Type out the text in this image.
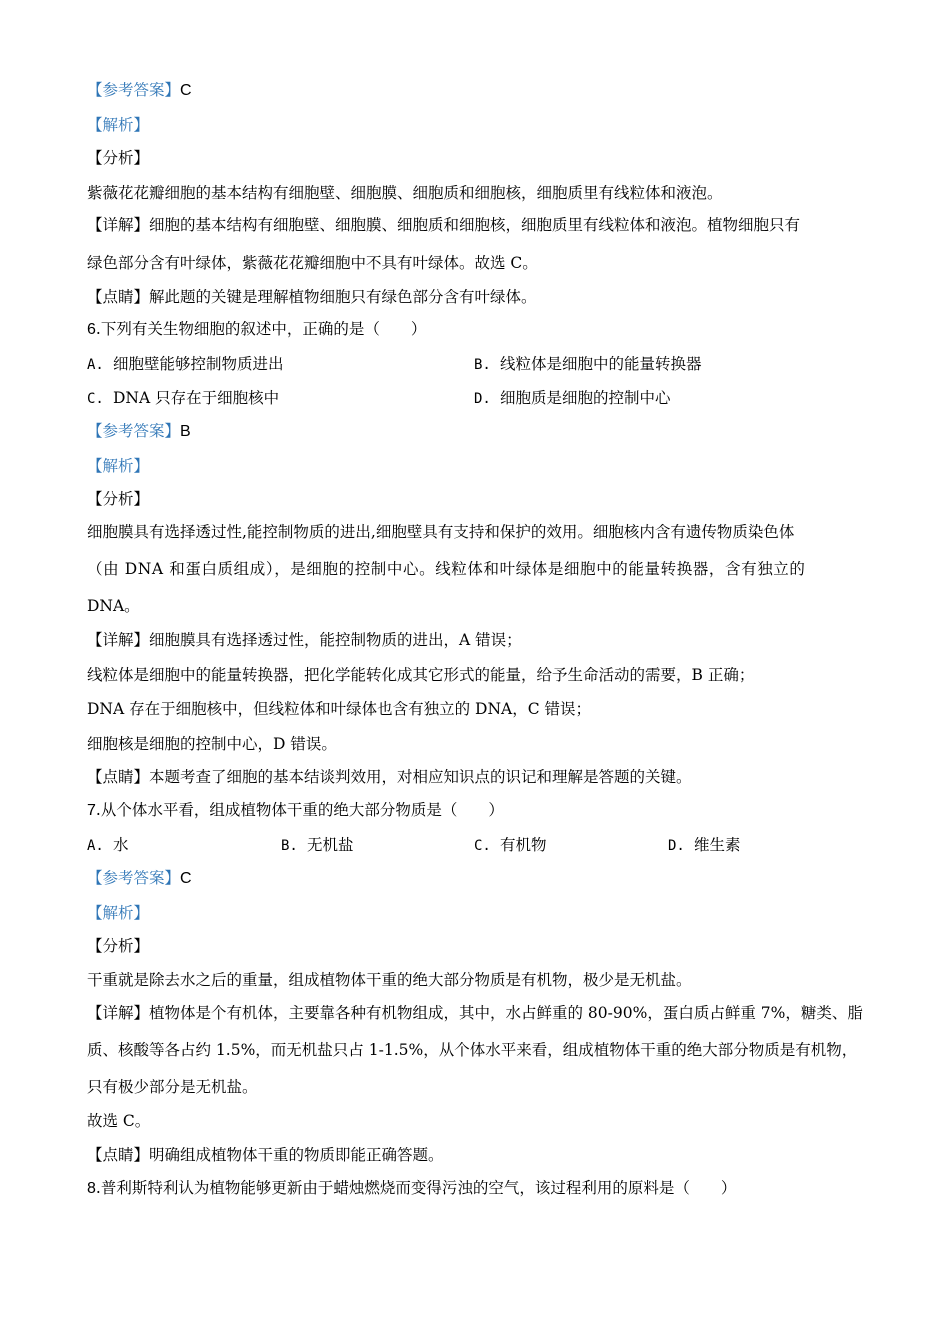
【参考答案】C
【解析】
【分析】
紫薇花花瓣细胞的基本结构有细胞壁、细胞膜、细胞质和细胞核，细胞质里有线粒体和液泡。
【详解】细胞的基本结构有细胞壁、细胞膜、细胞质和细胞核，细胞质里有线粒体和液泡。植物细胞只有
绿色部分含有叶绿体，紫薇花花瓣细胞中不具有叶绿体。故选 C。
【点睛】解此题的关键是理解植物细胞只有绿色部分含有叶绿体。
6.下列有关生物细胞的叙述中，正确的是（　　）
A. 细胞壁能够控制物质进出	B. 线粒体是细胞中的能量转换器
C. DNA 只存在于细胞核中	D. 细胞质是细胞的控制中心
【参考答案】B
【解析】
【分析】
细胞膜具有选择透过性,能控制物质的进出,细胞壁具有支持和保护的效用。细胞核内含有遗传物质染色体
（由 DNA 和蛋白质组成），是细胞的控制中心。线粒体和叶绿体是细胞中的能量转换器，含有独立的
DNA。
【详解】细胞膜具有选择透过性，能控制物质的进出，A 错误；
线粒体是细胞中的能量转换器，把化学能转化成其它形式的能量，给予生命活动的需要，B 正确；
DNA 存在于细胞核中，但线粒体和叶绿体也含有独立的 DNA，C 错误；
细胞核是细胞的控制中心，D 错误。
【点睛】本题考查了细胞的基本结谈判效用，对相应知识点的识记和理解是答题的关键。
7.从个体水平看，组成植物体干重的绝大部分物质是（　　）
A. 水	B. 无机盐	C. 有机物	D. 维生素
【参考答案】C
【解析】
【分析】
干重就是除去水之后的重量，组成植物体干重的绝大部分物质是有机物，极少是无机盐。
【详解】植物体是个有机体，主要靠各种有机物组成，其中，水占鲜重的 80-90%，蛋白质占鲜重 7%，糖类、脂
质、核酸等各占约 1.5%，而无机盐只占 1-1.5%，从个体水平来看，组成植物体干重的绝大部分物质是有机物，
只有极少部分是无机盐。
故选 C。
【点睛】明确组成植物体干重的物质即能正确答题。
8.普利斯特利认为植物能够更新由于蜡烛燃烧而变得污浊的空气，该过程利用的原料是（　　）
